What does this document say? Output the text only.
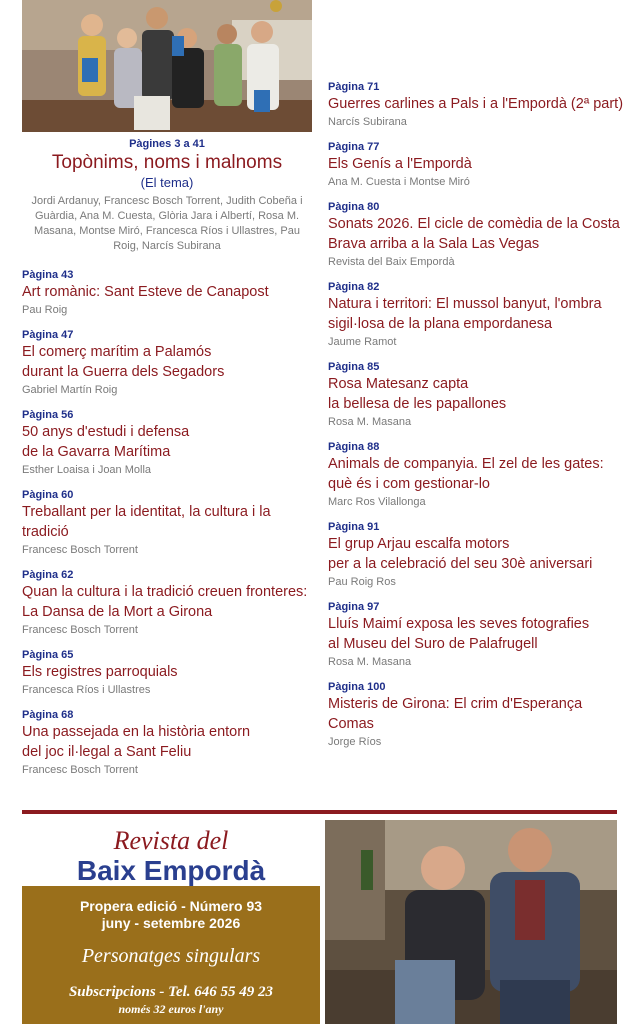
Pàgines 3 a 41
Topònims, noms i malnoms
(El tema)
Jordi Ardanuy, Francesc Bosch Torrent, Judith Cobeña i Guàrdia, Ana M. Cuesta, Glòria Jara i Albertí, Rosa M. Masana, Montse Miró, Francesca Ríos i Ullastres, Pau Roig, Narcís Subirana
Pàgina 43
Art romànic: Sant Esteve de Canapost
Pau Roig
Pàgina 47
El comerç marítim a Palamós
durant la Guerra dels Segadors
Gabriel Martín Roig
Pàgina 56
50 anys d'estudi i defensa
de la Gavarra Marítima
Esther Loaisa i Joan Molla
Pàgina 60
Treballant per la identitat, la cultura i la tradició
Francesc Bosch Torrent
Pàgina 62
Quan la cultura i la tradició creuen fronteres:
La Dansa de la Mort a Girona
Francesc Bosch Torrent
Pàgina 65
Els registres parroquials
Francesca Ríos i Ullastres
Pàgina 68
Una passejada en la història entorn
del joc il·legal a Sant Feliu
Francesc Bosch Torrent
Pàgina 71
Guerres carlines a Pals i a l'Empordà (2ª part)
Narcís Subirana
Pàgina 77
Els Genís a l'Empordà
Ana M. Cuesta i Montse Miró
Pàgina 80
Sonats 2026. El cicle de comèdia de la Costa
Brava arriba a la Sala Las Vegas
Revista del Baix Empordà
Pàgina 82
Natura i territori: El mussol banyut, l'ombra
sigil·losa de la plana empordanesa
Jaume Ramot
Pàgina 85
Rosa Matesanz capta
la bellesa de les papallones
Rosa M. Masana
Pàgina 88
Animals de companyia. El zel de les gates:
què és i com gestionar-lo
Marc Ros Vilallonga
Pàgina 91
El grup Arjau escalfa motors
per a la celebració del seu 30è aniversari
Pau Roig Ros
Pàgina 97
Lluís Maimí exposa les seves fotografies
al Museu del Suro de Palafrugell
Rosa M. Masana
Pàgina 100
Misteris de Girona: El crim d'Esperança Comas
Jorge Ríos
Revista del
Baix Empordà
Propera edició - Número 93
juny - setembre 2026
Personatges singulars
Subscripcions - Tel. 646 55 49 23
només 32 euros l'any
